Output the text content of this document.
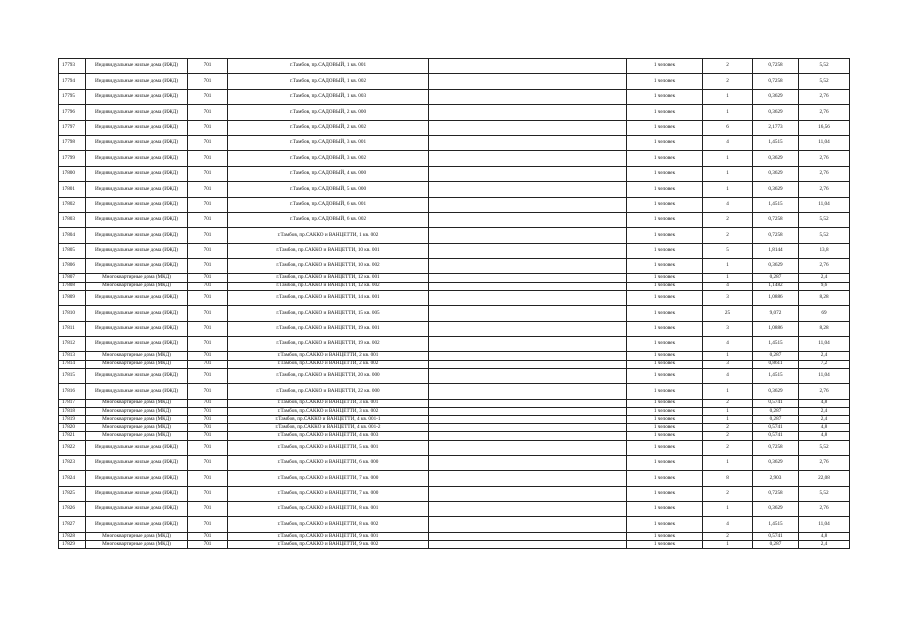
17793	Индивидуальные жилые дома (ИЖД)	701	г.Тамбов, пр.САДОВЫЙ, 1 кв. 001		1 человек	2	0,7258	5,52
17794	Индивидуальные жилые дома (ИЖД)	701	г.Тамбов, пр.САДОВЫЙ, 1 кв. 002		1 человек	2	0,7258	5,52
17795	Индивидуальные жилые дома (ИЖД)	701	г.Тамбов, пр.САДОВЫЙ, 1 кв. 003		1 человек	1	0,3629	2,76
17796	Индивидуальные жилые дома (ИЖД)	701	г.Тамбов, пр.САДОВЫЙ, 2 кв. 000		1 человек	1	0,3629	2,76
17797	Индивидуальные жилые дома (ИЖД)	701	г.Тамбов, пр.САДОВЫЙ, 2 кв. 002		1 человек	6	2,1773	16,56
17798	Индивидуальные жилые дома (ИЖД)	701	г.Тамбов, пр.САДОВЫЙ, 3 кв. 001		1 человек	4	1,4515	11,04
17799	Индивидуальные жилые дома (ИЖД)	701	г.Тамбов, пр.САДОВЫЙ, 3 кв. 002		1 человек	1	0,3629	2,76
17800	Индивидуальные жилые дома (ИЖД)	701	г.Тамбов, пр.САДОВЫЙ, 4 кв. 000		1 человек	1	0,3629	2,76
17801	Индивидуальные жилые дома (ИЖД)	701	г.Тамбов, пр.САДОВЫЙ, 5 кв. 000		1 человек	1	0,3629	2,76
17802	Индивидуальные жилые дома (ИЖД)	701	г.Тамбов, пр.САДОВЫЙ, 6 кв. 001		1 человек	4	1,4515	11,04
17803	Индивидуальные жилые дома (ИЖД)	701	г.Тамбов, пр.САДОВЫЙ, 6 кв. 002		1 человек	2	0,7258	5,52
17804	Индивидуальные жилые дома (ИЖД)	701	г.Тамбов, пр.САККО и ВАНЦЕТТИ, 1 кв. 002		1 человек	2	0,7258	5,52
17805	Индивидуальные жилые дома (ИЖД)	701	г.Тамбов, пр.САККО и ВАНЦЕТТИ, 10 кв. 001		1 человек	5	1,8144	13,8
17806	Индивидуальные жилые дома (ИЖД)	701	г.Тамбов, пр.САККО и ВАНЦЕТТИ, 10 кв. 002		1 человек	1	0,3629	2,76
17807	Многоквартирные дома (МКД)	701	г.Тамбов, пр.САККО и ВАНЦЕТТИ, 12 кв. 001		1 человек	1	0,287	2,4
17808	Многоквартирные дома (МКД)	701	г.Тамбов, пр.САККО и ВАНЦЕТТИ, 12 кв. 002		1 человек	4	1,1482	9,6
17809	Индивидуальные жилые дома (ИЖД)	701	г.Тамбов, пр.САККО и ВАНЦЕТТИ, 14 кв. 001		1 человек	3	1,0886	8,28
17810	Индивидуальные жилые дома (ИЖД)	701	г.Тамбов, пр.САККО и ВАНЦЕТТИ, 15 кв. 005		1 человек	25	9,072	69
17811	Индивидуальные жилые дома (ИЖД)	701	г.Тамбов, пр.САККО и ВАНЦЕТТИ, 19 кв. 001		1 человек	3	1,0886	8,28
17812	Индивидуальные жилые дома (ИЖД)	701	г.Тамбов, пр.САККО и ВАНЦЕТТИ, 19 кв. 002		1 человек	4	1,4515	11,04
17813	Многоквартирные дома (МКД)	701	г.Тамбов, пр.САККО и ВАНЦЕТТИ, 2 кв. 001		1 человек	1	0,287	2,4
17814	Многоквартирные дома (МКД)	701	г.Тамбов, пр.САККО и ВАНЦЕТТИ, 2 кв. 002		1 человек	3	0,8611	7,2
17815	Индивидуальные жилые дома (ИЖД)	701	г.Тамбов, пр.САККО и ВАНЦЕТТИ, 20 кв. 000		1 человек	4	1,4515	11,04
17816	Индивидуальные жилые дома (ИЖД)	701	г.Тамбов, пр.САККО и ВАНЦЕТТИ, 22 кв. 000		1 человек	1	0,3629	2,76
17817	Многоквартирные дома (МКД)	701	г.Тамбов, пр.САККО и ВАНЦЕТТИ, 3 кв. 001		1 человек	2	0,5741	4,8
17818	Многоквартирные дома (МКД)	701	г.Тамбов, пр.САККО и ВАНЦЕТТИ, 3 кв. 002		1 человек	1	0,287	2,4
17819	Многоквартирные дома (МКД)	701	г.Тамбов, пр.САККО и ВАНЦЕТТИ, 4 кв. 001-1		1 человек	1	0,287	2,4
17820	Многоквартирные дома (МКД)	701	г.Тамбов, пр.САККО и ВАНЦЕТТИ, 4 кв. 001-2		1 человек	2	0,5741	4,8
17821	Многоквартирные дома (МКД)	701	г.Тамбов, пр.САККО и ВАНЦЕТТИ, 4 кв. 003		1 человек	2	0,5741	4,8
17822	Индивидуальные жилые дома (ИЖД)	701	г.Тамбов, пр.САККО и ВАНЦЕТТИ, 5 кв. 001		1 человек	2	0,7258	5,52
17823	Индивидуальные жилые дома (ИЖД)	701	г.Тамбов, пр.САККО и ВАНЦЕТТИ, 6 кв. 000		1 человек	1	0,3629	2,76
17824	Индивидуальные жилые дома (ИЖД)	701	г.Тамбов, пр.САККО и ВАНЦЕТТИ, 7 кв. 000		1 человек	8	2,903	22,08
17825	Индивидуальные жилые дома (ИЖД)	701	г.Тамбов, пр.САККО и ВАНЦЕТТИ, 7 кв. 000		1 человек	2	0,7258	5,52
17826	Индивидуальные жилые дома (ИЖД)	701	г.Тамбов, пр.САККО и ВАНЦЕТТИ, 8 кв. 001		1 человек	1	0,3629	2,76
17827	Индивидуальные жилые дома (ИЖД)	701	г.Тамбов, пр.САККО и ВАНЦЕТТИ, 8 кв. 002		1 человек	4	1,4515	11,04
17828	Многоквартирные дома (МКД)	701	г.Тамбов, пр.САККО и ВАНЦЕТТИ, 9 кв. 001		1 человек	2	0,5741	4,8
17829	Многоквартирные дома (МКД)	701	г.Тамбов, пр.САККО и ВАНЦЕТТИ, 9 кв. 002		1 человек	1	0,287	2,4
